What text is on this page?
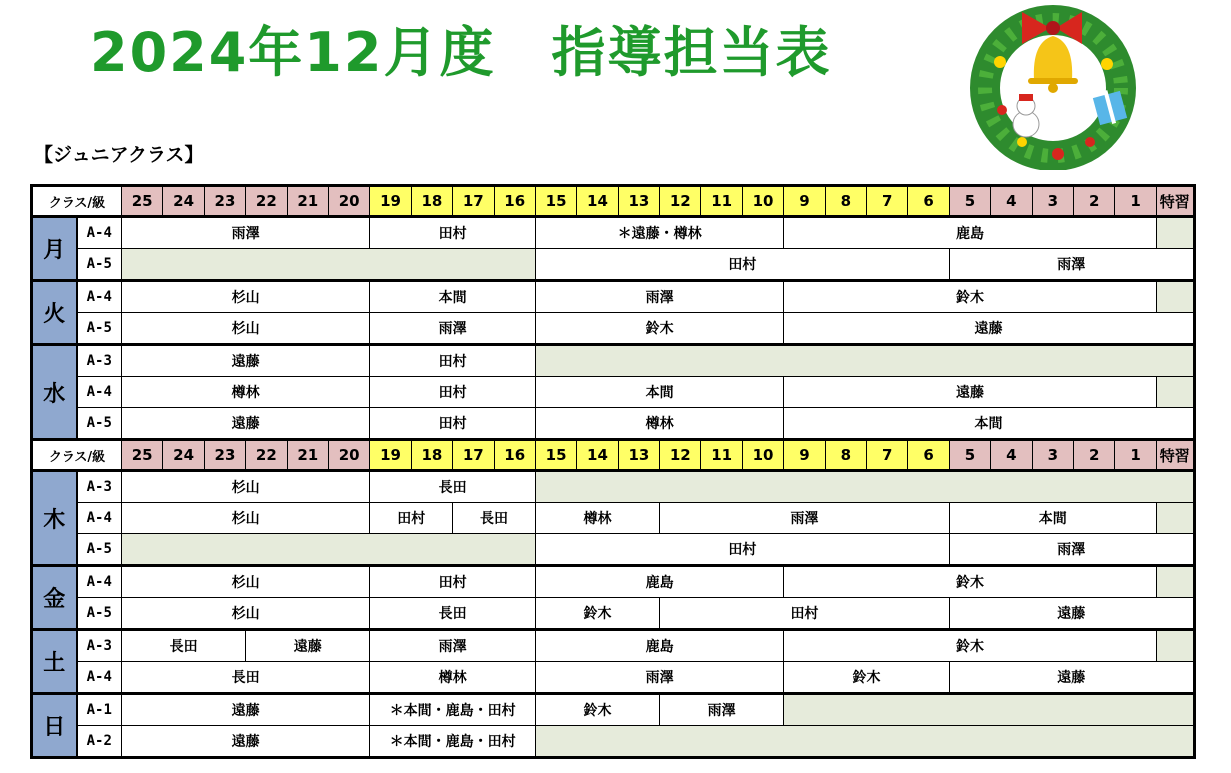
2024年12月度　指導担当表
【ジュニアクラス】
クラス/級		25	24	23	22	21	20	19	18	17	16	15	14	13	12	11	10	9	8	7	6	5	4	3	2	1	特習
月	A-4	雨澤						田村				＊遠藤・樽林						鹿島									
	A-5											田村										雨澤					
火	A-4	杉山						本間				雨澤						鈴木									
	A-5	杉山						雨澤				鈴木						遠藤									
水	A-3	遠藤						田村																			
	A-4	樽林						田村				本間						遠藤									
	A-5	遠藤						田村				樽林						本間									
クラス/級		25	24	23	22	21	20	19	18	17	16	15	14	13	12	11	10	9	8	7	6	5	4	3	2	1	特習
木	A-3	杉山						長田																			
	A-4	杉山						田村		長田		樽林			雨澤							本間					
	A-5											田村										雨澤					
金	A-4	杉山						田村				鹿島						鈴木									
	A-5	杉山						長田				鈴木			田村							遠藤					
土	A-3	長田			遠藤			雨澤				鹿島						鈴木									
	A-4	長田						樽林				雨澤						鈴木				遠藤					
日	A-1	遠藤						＊本間・鹿島・田村				鈴木			雨澤												
	A-2	遠藤						＊本間・鹿島・田村																			
